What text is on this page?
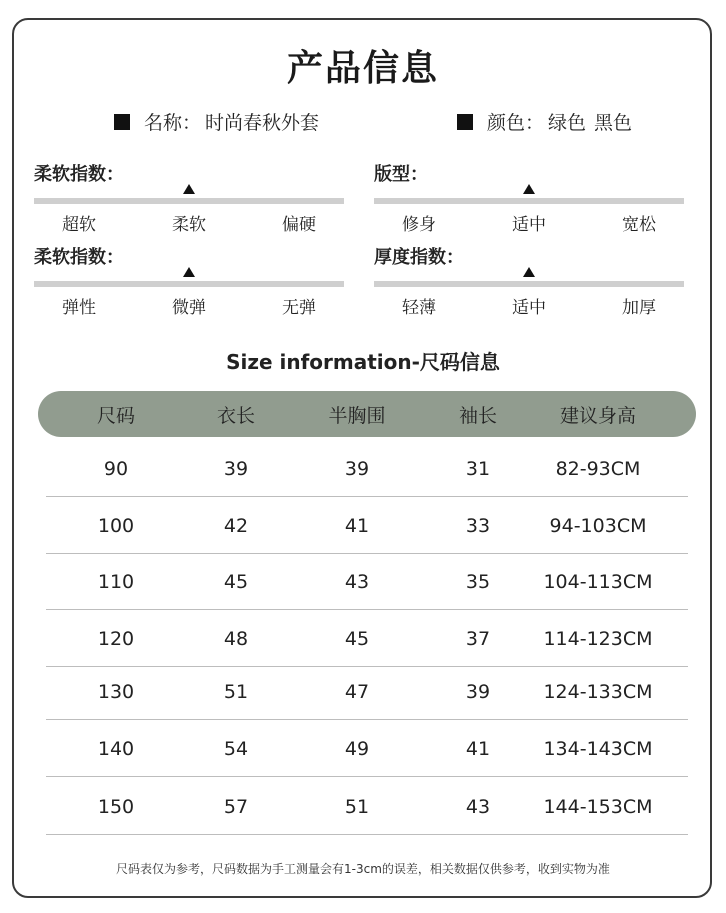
产品信息
名称： 时尚春秋外套	颜色： 绿色 黑色
柔软指数：
超软	柔软	偏硬
版型：
修身	适中	宽松
柔软指数：
弹性	微弹	无弹
厚度指数：
轻薄	适中	加厚
Size information-尺码信息
尺码	衣长	半胸围	袖长	建议身高
90	39	39	31	82-93CM
100	42	41	33	94-103CM
110	45	43	35	104-113CM
120	48	45	37	114-123CM
130	51	47	39	124-133CM
140	54	49	41	134-143CM
150	57	51	43	144-153CM
尺码表仅为参考，尺码数据为手工测量会有1-3cm的误差，相关数据仅供参考，收到实物为准
